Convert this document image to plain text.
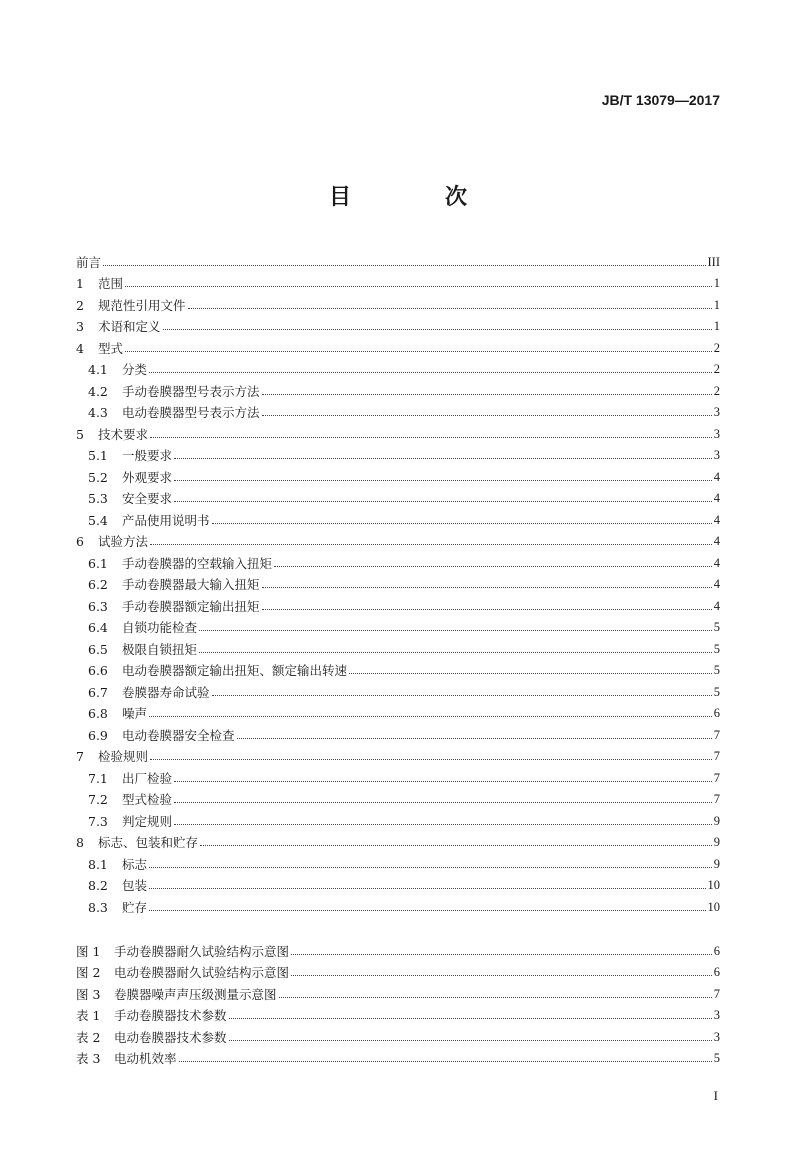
JB/T 13079—2017
目　次
前言	III
1	范围	1
2	规范性引用文件	1
3	术语和定义	1
4	型式	2
4.1	分类	2
4.2	手动卷膜器型号表示方法	2
4.3	电动卷膜器型号表示方法	3
5	技术要求	3
5.1	一般要求	3
5.2	外观要求	4
5.3	安全要求	4
5.4	产品使用说明书	4
6	试验方法	4
6.1	手动卷膜器的空载输入扭矩	4
6.2	手动卷膜器最大输入扭矩	4
6.3	手动卷膜器额定输出扭矩	4
6.4	自锁功能检查	5
6.5	极限自锁扭矩	5
6.6	电动卷膜器额定输出扭矩、额定输出转速	5
6.7	卷膜器寿命试验	5
6.8	噪声	6
6.9	电动卷膜器安全检查	7
7	检验规则	7
7.1	出厂检验	7
7.2	型式检验	7
7.3	判定规则	9
8	标志、包装和贮存	9
8.1	标志	9
8.2	包装	10
8.3	贮存	10
图 1	手动卷膜器耐久试验结构示意图	6
图 2	电动卷膜器耐久试验结构示意图	6
图 3	卷膜器噪声声压级测量示意图	7
表 1	手动卷膜器技术参数	3
表 2	电动卷膜器技术参数	3
表 3	电动机效率	5
I
